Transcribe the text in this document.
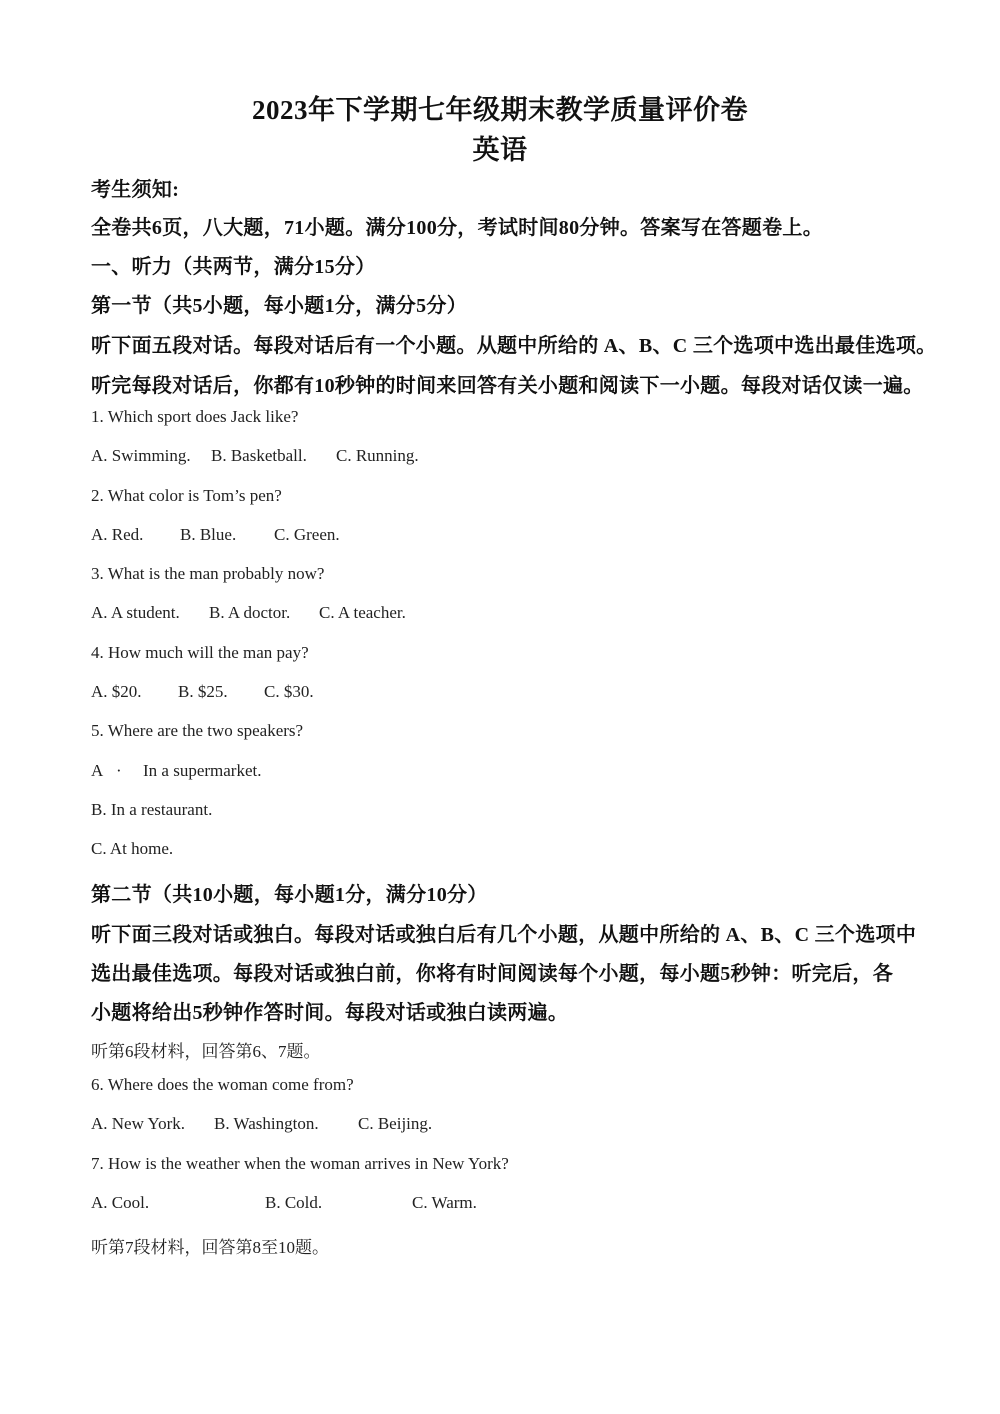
2023年下学期七年级期末教学质量评价卷
英语
考生须知:
全卷共6页，八大题，71小题。满分100分，考试时间80分钟。答案写在答题卷上。
一、听力（共两节，满分15分）
第一节（共5小题，每小题1分，满分5分）
听下面五段对话。每段对话后有一个小题。从题中所给的 A、B、C 三个选项中选出最佳选项。
听完每段对话后，你都有10秒钟的时间来回答有关小题和阅读下一小题。每段对话仅读一遍。
1. Which sport does Jack like?
A. Swimming. B. Basketball. C. Running.
2. What color is Tom’s pen?
A. Red. B. Blue. C. Green.
3. What is the man probably now?
A. A student. B. A doctor. C. A teacher.
4. How much will the man pay?
A. $20. B. $25. C. $30.
5. Where are the two speakers?
A   · In a supermarket.
B. In a restaurant.
C. At home.
第二节（共10小题，每小题1分，满分10分）
听下面三段对话或独白。每段对话或独白后有几个小题，从题中所给的 A、B、C 三个选项中
选出最佳选项。每段对话或独白前，你将有时间阅读每个小题，每小题5秒钟：听完后，各
小题将给出5秒钟作答时间。每段对话或独白读两遍。
听第6段材料，回答第6、7题。
6. Where does the woman come from?
A. New York. B. Washington. C. Beijing.
7. How is the weather when the woman arrives in New York?
A. Cool.	B. Cold.	C. Warm.
听第7段材料，回答第8至10题。
